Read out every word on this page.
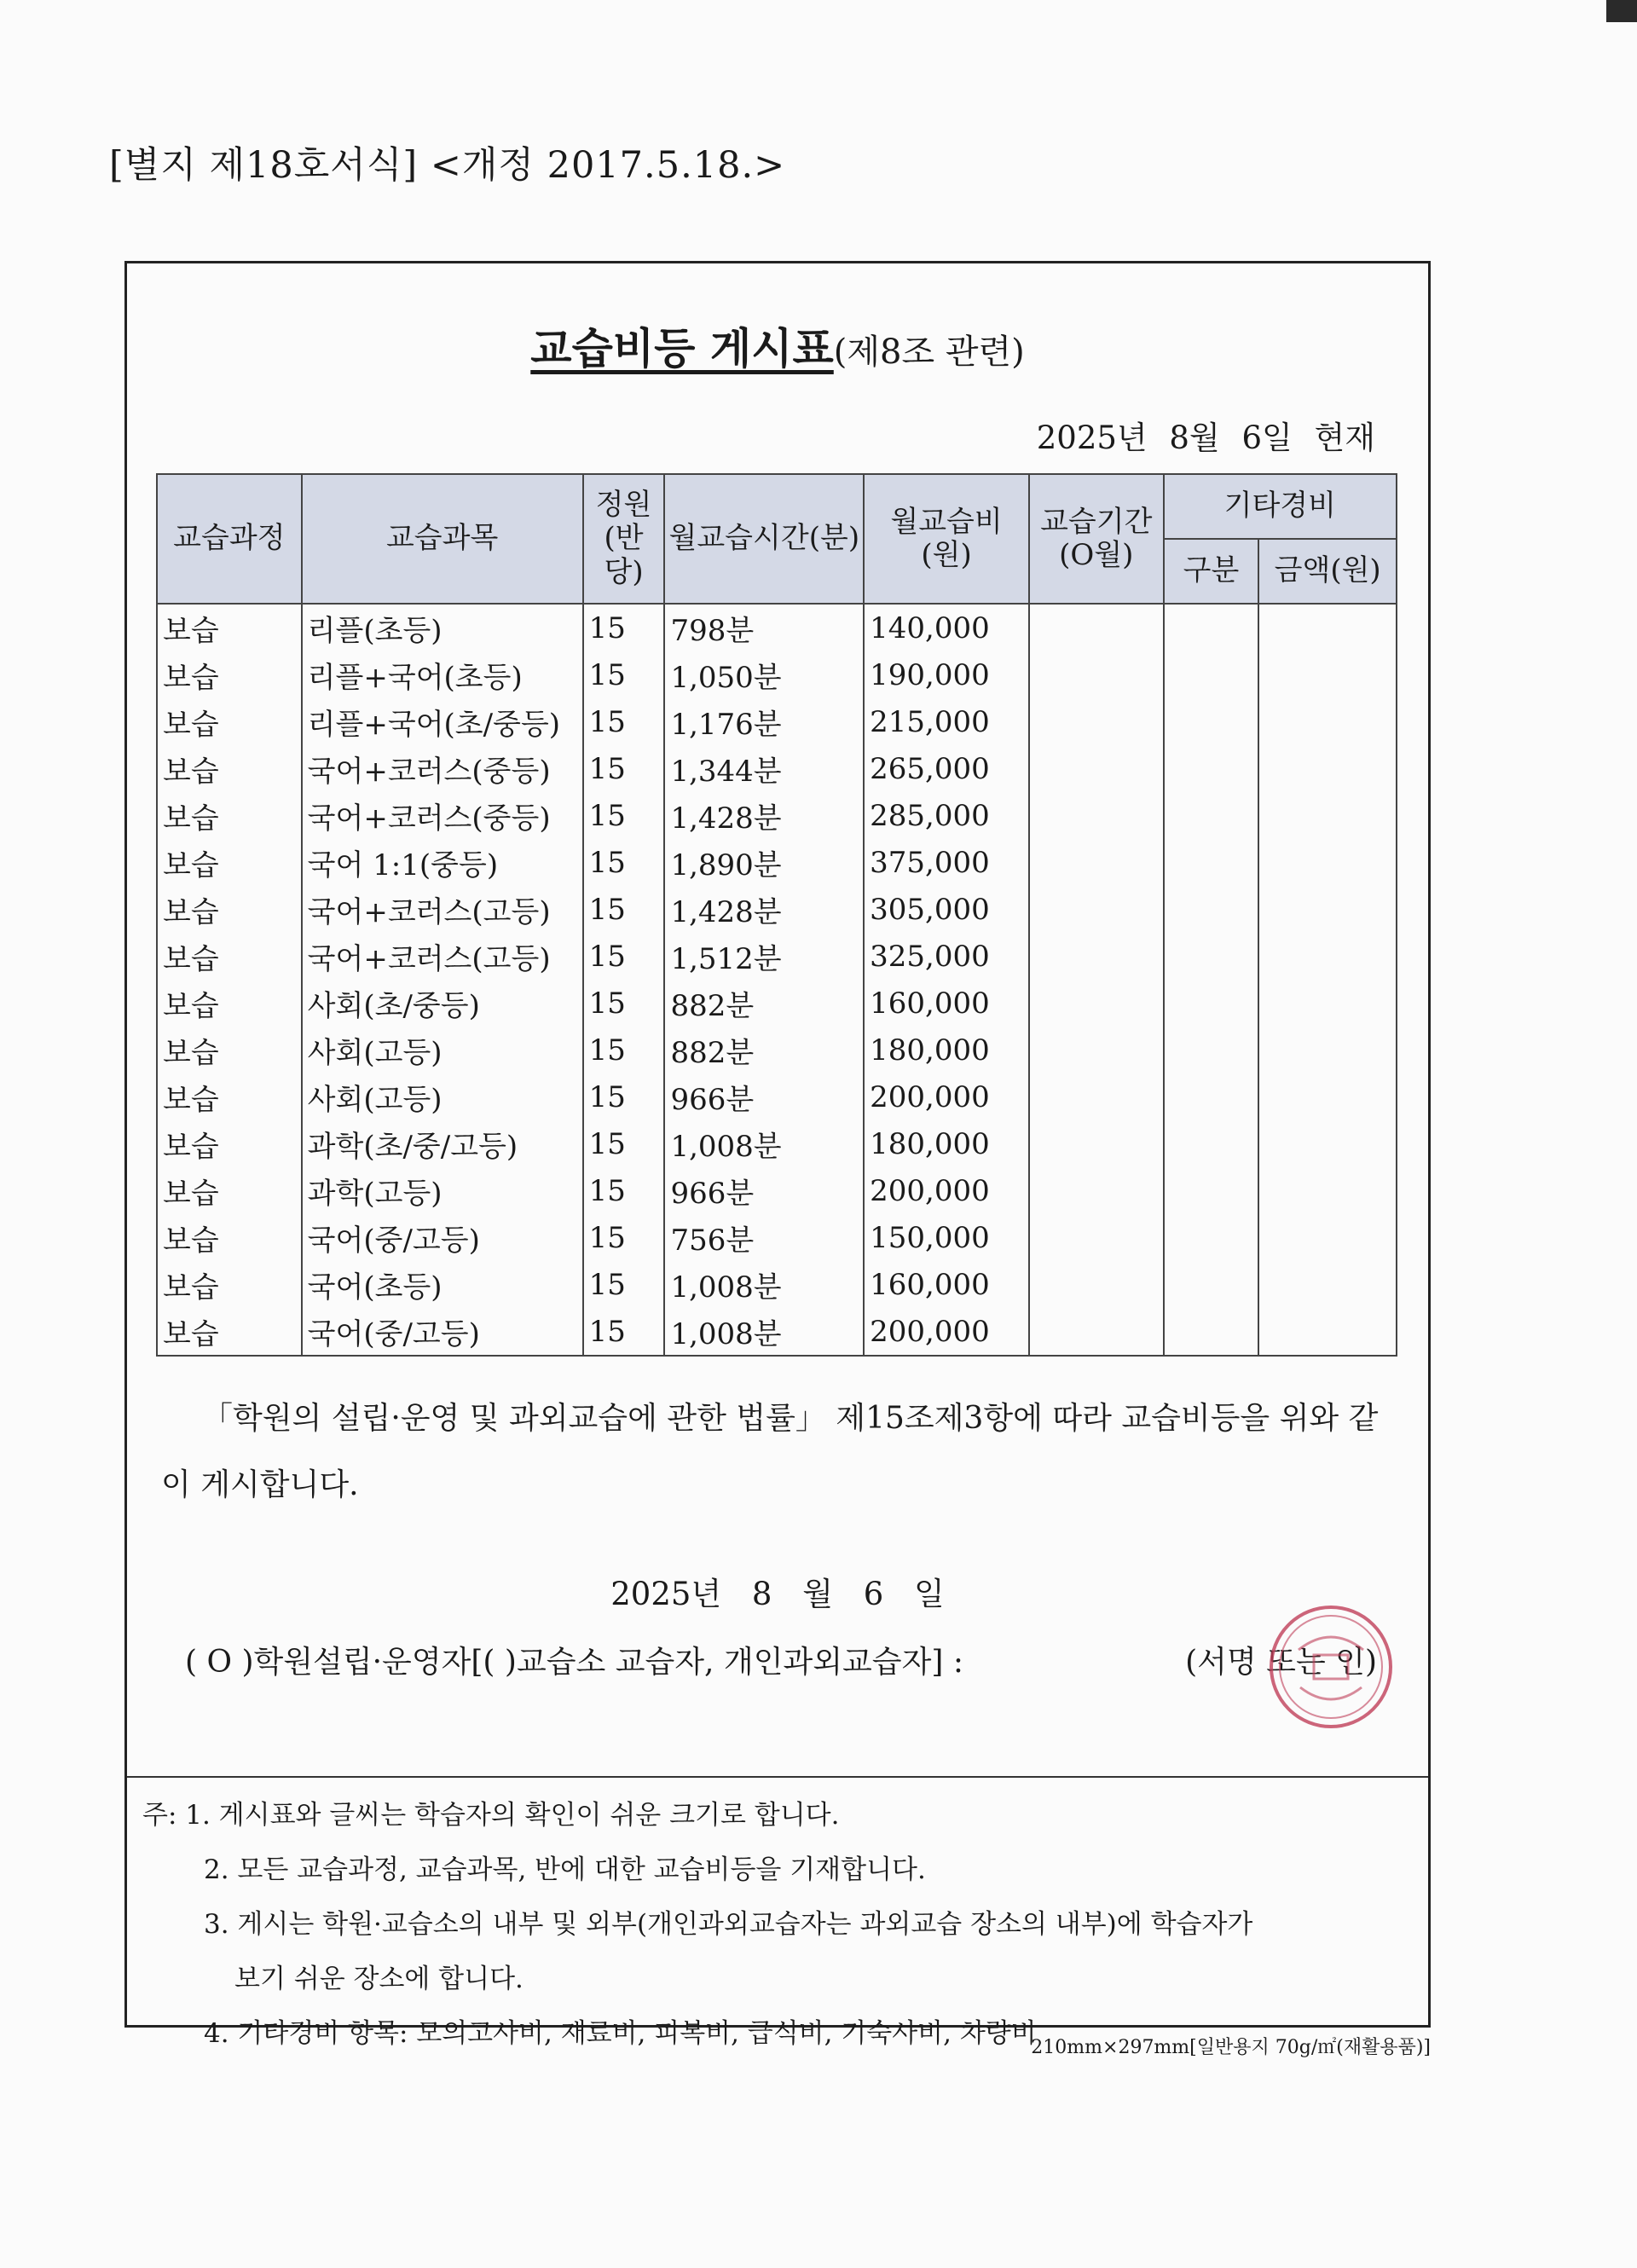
[별지 제18호서식] <개정 2017.5.18.>
교습비등 게시표(제8조 관련)
2025년 8월 6일 현재
교습과정	교습과목	정원(반당)	월교습시간(분)	월교습비(원)	교습기간(O월)	기타경비	
						구분	금액(원)
보습	리플(초등)	15	798분	140,000			
보습	리플+국어(초등)	15	1,050분	190,000			
보습	리플+국어(초/중등)	15	1,176분	215,000			
보습	국어+코러스(중등)	15	1,344분	265,000			
보습	국어+코러스(중등)	15	1,428분	285,000			
보습	국어 1:1(중등)	15	1,890분	375,000			
보습	국어+코러스(고등)	15	1,428분	305,000			
보습	국어+코러스(고등)	15	1,512분	325,000			
보습	사회(초/중등)	15	882분	160,000			
보습	사회(고등)	15	882분	180,000			
보습	사회(고등)	15	966분	200,000			
보습	과학(초/중/고등)	15	1,008분	180,000			
보습	과학(고등)	15	966분	200,000			
보습	국어(중/고등)	15	756분	150,000			
보습	국어(초등)	15	1,008분	160,000			
보습	국어(중/고등)	15	1,008분	200,000			
「학원의 설립·운영 및 과외교습에 관한 법률」 제15조제3항에 따라 교습비등을 위와 같이 게시합니다.
2025년 8 월 6 일
( O )학원설립·운영자[( )교습소 교습자, 개인과외교습자] :	(서명 또는 인)
주: 1. 게시표와 글씨는 학습자의 확인이 쉬운 크기로 합니다.
2. 모든 교습과정, 교습과목, 반에 대한 교습비등을 기재합니다.
3. 게시는 학원·교습소의 내부 및 외부(개인과외교습자는 과외교습 장소의 내부)에 학습자가
보기 쉬운 장소에 합니다.
4. 기타경비 항목: 모의고사비, 재료비, 피복비, 급식비, 기숙사비, 차량비
210mm×297mm[일반용지 70g/㎡(재활용품)]
